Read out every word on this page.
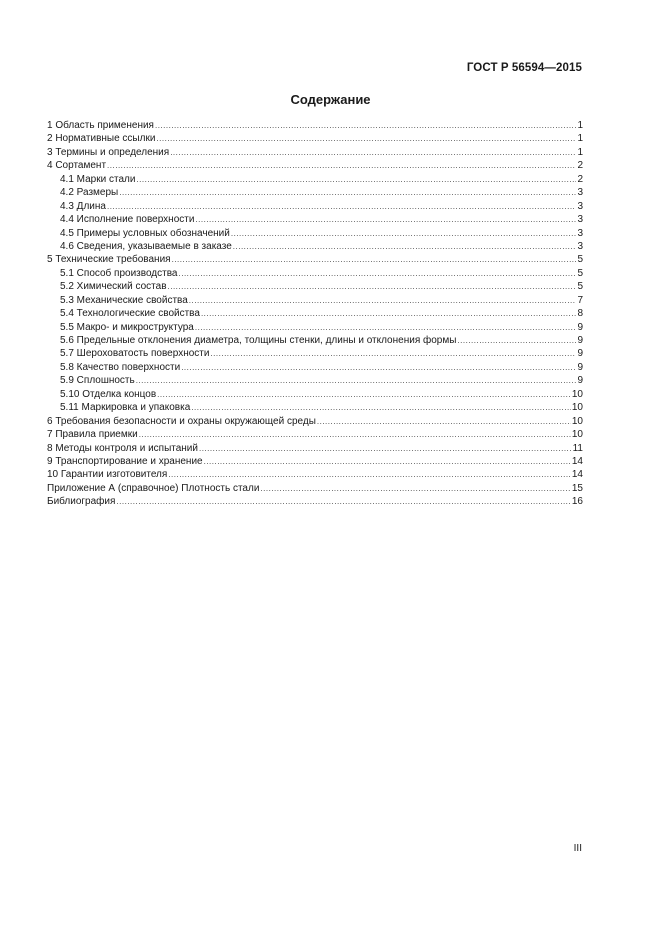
ГОСТ Р 56594—2015
Содержание
1 Область применения .....	1
2 Нормативные ссылки .....	1
3 Термины и определения .....	1
4 Сортамент .....	2
4.1 Марки стали .....	2
4.2 Размеры .....	3
4.3 Длина .....	3
4.4 Исполнение поверхности .....	3
4.5 Примеры условных обозначений .....	3
4.6 Сведения, указываемые в заказе .....	3
5 Технические требования .....	5
5.1 Способ производства .....	5
5.2 Химический состав .....	5
5.3 Механические свойства .....	7
5.4 Технологические свойства .....	8
5.5 Макро- и микроструктура .....	9
5.6 Предельные отклонения диаметра, толщины стенки, длины и отклонения формы .....	9
5.7 Шероховатость поверхности .....	9
5.8 Качество поверхности .....	9
5.9 Сплошность .....	9
5.10 Отделка концов .....	10
5.11 Маркировка и упаковка .....	10
6 Требования безопасности и охраны окружающей среды .....	10
7 Правила приемки .....	10
8 Методы контроля и испытаний .....	11
9 Транспортирование и хранение .....	14
10 Гарантии изготовителя .....	14
Приложение А (справочное) Плотность стали .....	15
Библиография .....	16
III
